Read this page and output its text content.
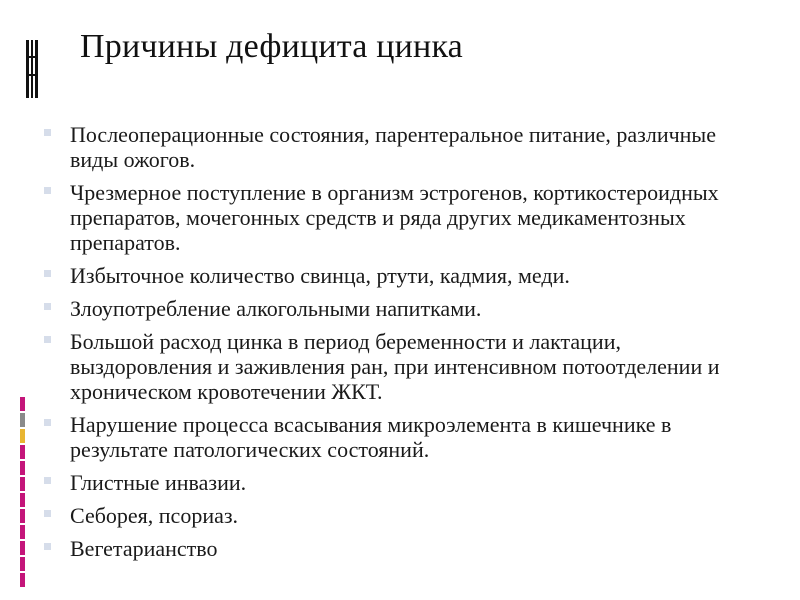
Причины дефицита цинка
Послеоперационные состояния, парентеральное питание, различные виды ожогов.
Чрезмерное поступление в организм эстрогенов, кортикостероидных препаратов, мочегонных средств и ряда других медикаментозных препаратов.
Избыточное количество свинца, ртути, кадмия, меди.
Злоупотребление алкогольными напитками.
Большой расход цинка в период беременности и лактации, выздоровления и заживления ран, при интенсивном потоотделении и хроническом кровотечении ЖКТ.
Нарушение процесса всасывания микроэлемента в кишечнике в результате патологических состояний.
Глистные инвазии.
Себорея, псориаз.
Вегетарианство
